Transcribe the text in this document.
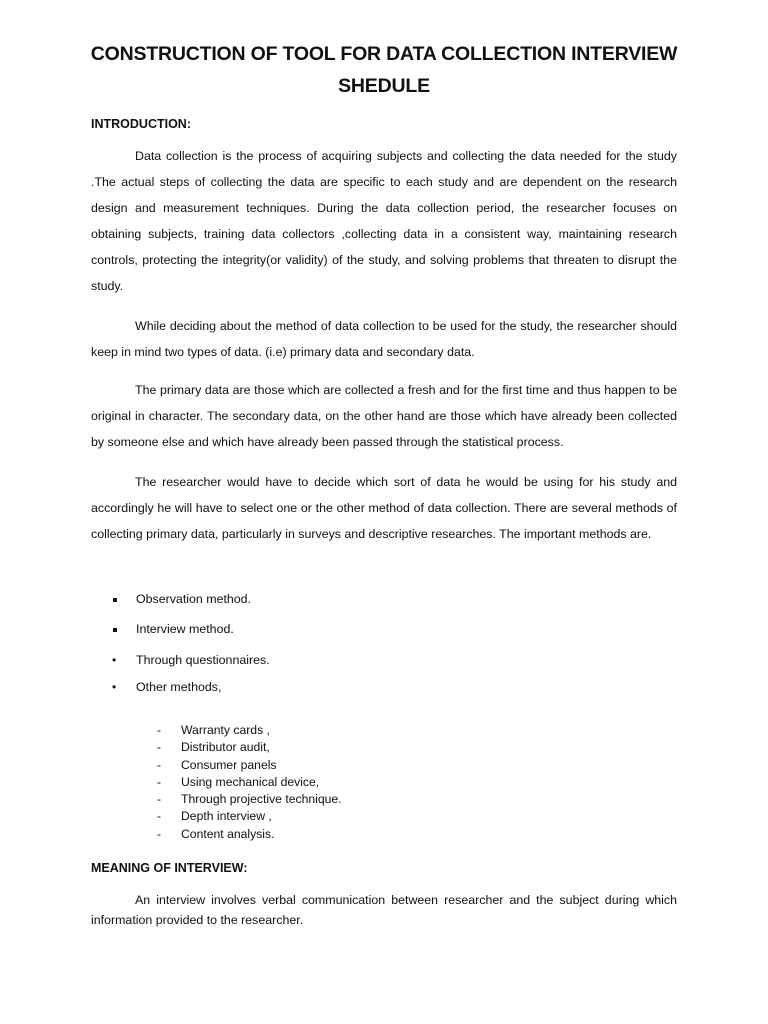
CONSTRUCTION OF TOOL FOR DATA COLLECTION INTERVIEW SHEDULE
INTRODUCTION:

Data collection is the process of acquiring subjects and collecting the data needed for the study .The actual steps of collecting the data are specific to each study and are dependent on the research design and measurement techniques. During the data collection period, the researcher focuses on obtaining subjects, training data collectors ,collecting data in a consistent way, maintaining research controls, protecting the integrity(or validity) of the study, and solving problems that threaten to disrupt the study.

While deciding about the method of data collection to be used for the study, the researcher should keep in mind two types of data. (i.e) primary data and secondary data.

The primary data are those which are collected a fresh and for the first time and thus happen to be original in character. The secondary data, on the other hand are those which have already been collected by someone else and which have already been passed through the statistical process.

The researcher would have to decide which sort of data he would be using for his study and accordingly he will have to select one or the other method of data collection. There are several methods of collecting primary data, particularly in surveys and descriptive researches. The important methods are.

Observation method.
Interview method.
• Through questionnaires.
• Other methods,
- Warranty cards ,
- Distributor audit,
- Consumer panels
- Using mechanical device,
- Through projective technique.
- Depth interview ,
- Content analysis.
MEANING OF INTERVIEW:

An interview involves verbal communication between researcher and the subject during which information provided to the researcher.
